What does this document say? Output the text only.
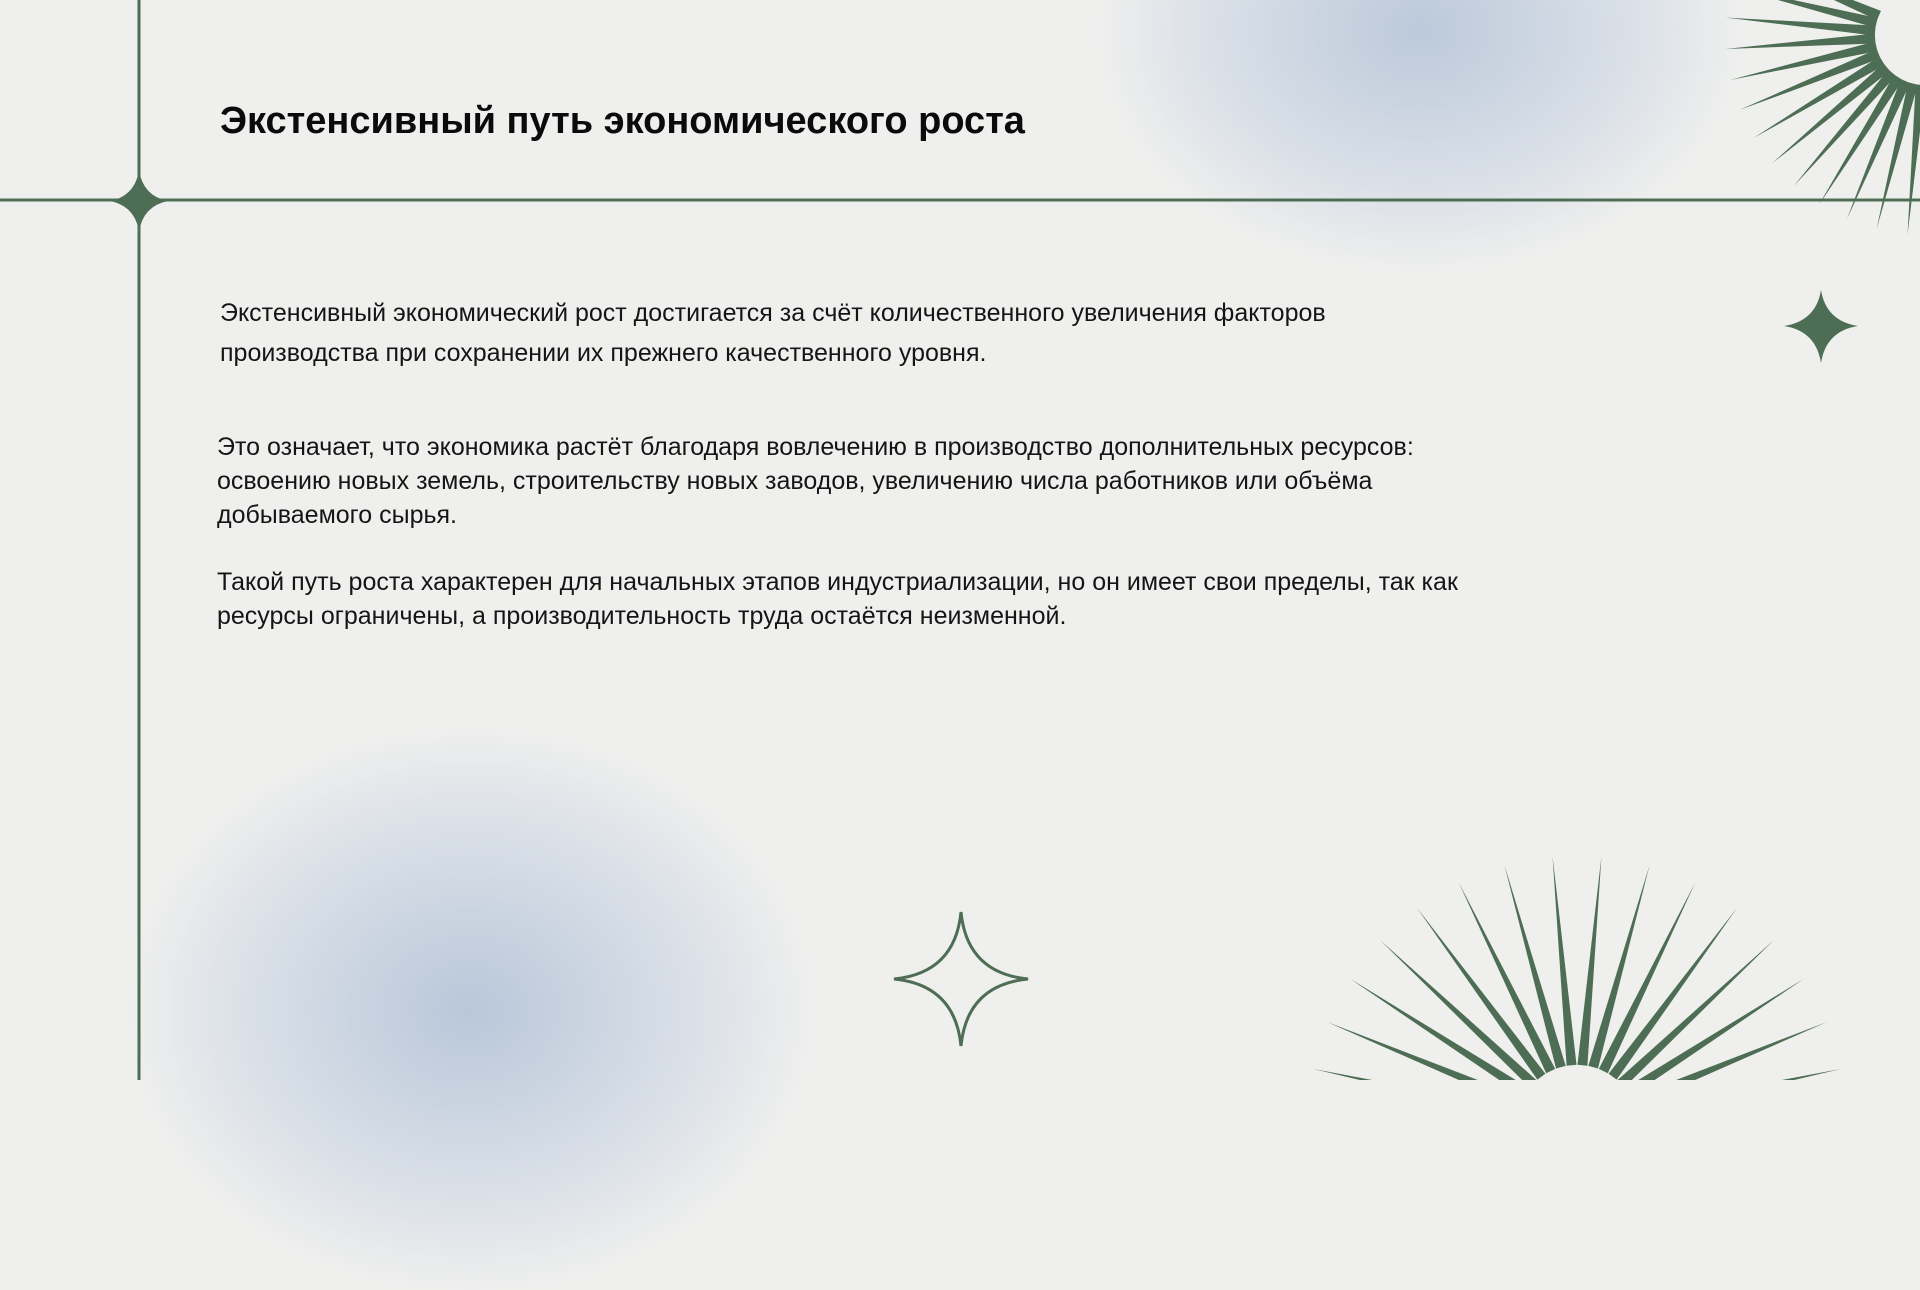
Экстенсивный путь экономического роста

Экстенсивный экономический рост достигается за счёт количественного увеличения факторов производства при сохранении их прежнего качественного уровня.

Это означает, что экономика растёт благодаря вовлечению в производство дополнительных ресурсов: освоению новых земель, строительству новых заводов, увеличению числа работников или объёма добываемого сырья.

Такой путь роста характерен для начальных этапов индустриализации, но он имеет свои пределы, так как ресурсы ограничены, а производительность труда остаётся неизменной.
